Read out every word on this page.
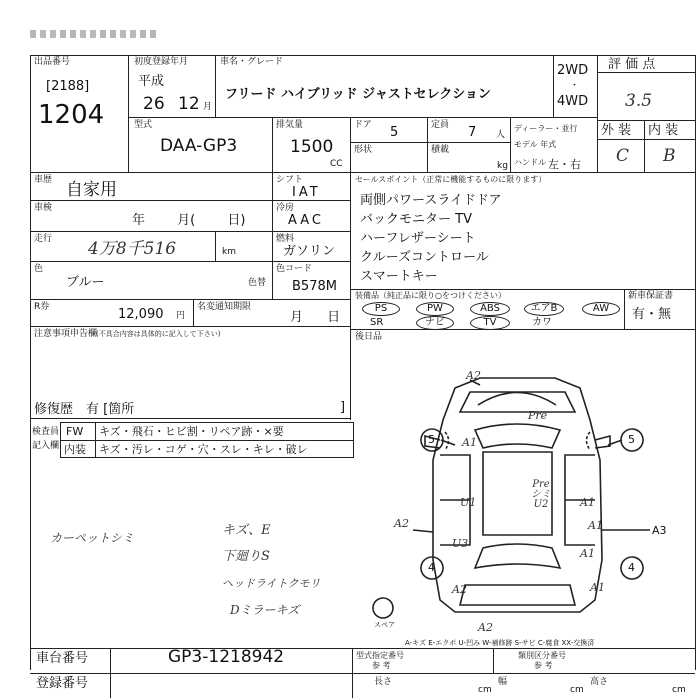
出品番号
[2188]
1204
初度登録年月
平成
26 12 月
車名・グレード
フリード ハイブリッド ジャストセレクション
2WD
・
4WD
評 価 点
3.5
型式
DAA-GP3
排気量
1500
CC
ドア 5	定員 7 人
形状	積載
kg
ディーラー・並行
モデル 年式
ハンドル 左・右
外 装 内 装
C B
車歴 自家用
車検
年 月( 日)
走行 4万8千516	km
色
ブルー	色替
シフト
IAT
冷房
AAC
燃料
ガソリン
色コード
B578M
R券	12,090 円
名変通知期限
月 日
注意事項申告欄
(不具合内容は具体的に記入して下さい)
修復歴 有 [箇所	]
セールスポイント（正常に機能するものに限ります）
両側パワースライドドア
バックモニター TV
ハーフレザーシート
クルーズコントロール
スマートキー
装備品（純正品に限り○をつけください）
PS	PW	ABS	エアB	AW
SR	ナビ	TV	カワ
新車保証書
有・無
後日品
検査員
記入欄
FW キズ・飛石・ヒビ割・リペア跡・×要
内装 キズ・汚レ・コゲ・穴・スレ・キレ・破レ
カーペットシミ	キズ、E
下廻りS
ヘッドライトクモリ
Dミラーキズ
A2
A1
5	5
Pre
U1	A1
Pre シミ U2
A1
A2
U3
A1	A3
4
A2	A1
4
A2
スペア
A-キズ E-エクボ U-凹み W-補修跡 S-サビ C-腐食 XX-交換済
車台番号	GP3-1218942	型式指定番号
参 考
類別区分番号
参 考
登録番号	長さ	幅	高さ
cm	cm	cm
